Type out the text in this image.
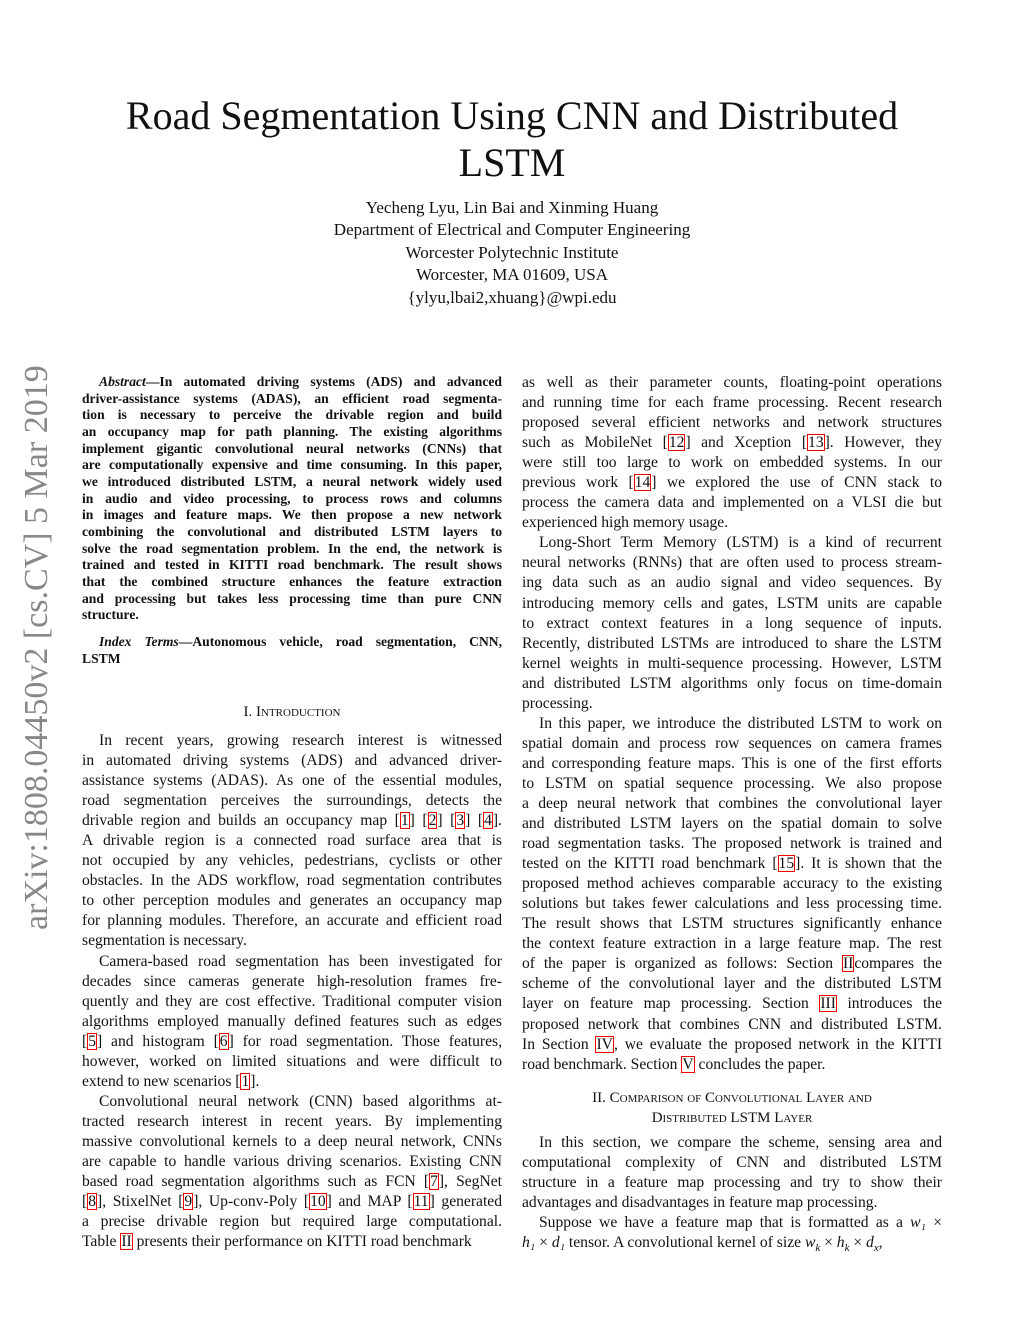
Road Segmentation Using CNN and Distributed
LSTM
Yecheng Lyu, Lin Bai and Xinming Huang
Department of Electrical and Computer Engineering
Worcester Polytechnic Institute
Worcester, MA 01609, USA
{ylyu,lbai2,xhuang}@wpi.edu
arXiv:1808.04450v2 [cs.CV] 5 Mar 2019	Abstract—In automated driving systems (ADS) and advanced
driver-assistance systems (ADAS), an efficient road segmenta-
tion is necessary to perceive the drivable region and build
an occupancy map for path planning. The existing algorithms
implement gigantic convolutional neural networks (CNNs) that
are computationally expensive and time consuming. In this paper,
we introduced distributed LSTM, a neural network widely used
in audio and video processing, to process rows and columns
in images and feature maps. We then propose a new network
combining the convolutional and distributed LSTM layers to
solve the road segmentation problem. In the end, the network is
trained and tested in KITTI road benchmark. The result shows
that the combined structure enhances the feature extraction
and processing but takes less processing time than pure CNN
structure.
Index Terms—Autonomous vehicle, road segmentation, CNN,
LSTM
I. Introduction
In recent years, growing research interest is witnessed
in automated driving systems (ADS) and advanced driver-
assistance systems (ADAS). As one of the essential modules,
road segmentation perceives the surroundings, detects the
drivable region and builds an occupancy map [1] [2] [3] [4].
A drivable region is a connected road surface area that is
not occupied by any vehicles, pedestrians, cyclists or other
obstacles. In the ADS workflow, road segmentation contributes
to other perception modules and generates an occupancy map
for planning modules. Therefore, an accurate and efficient road
segmentation is necessary.
Camera-based road segmentation has been investigated for
decades since cameras generate high-resolution frames fre-
quently and they are cost effective. Traditional computer vision
algorithms employed manually defined features such as edges
[5] and histogram [6] for road segmentation. Those features,
however, worked on limited situations and were difficult to
extend to new scenarios [1].
Convolutional neural network (CNN) based algorithms at-
tracted research interest in recent years. By implementing
massive convolutional kernels to a deep neural network, CNNs
are capable to handle various driving scenarios. Existing CNN
based road segmentation algorithms such as FCN [7], SegNet
[8], StixelNet [9], Up-conv-Poly [10] and MAP [11] generated
a precise drivable region but required large computational.
Table II presents their performance on KITTI road benchmark
as well as their parameter counts, floating-point operations
and running time for each frame processing. Recent research
proposed several efficient networks and network structures
such as MobileNet [12] and Xception [13]. However, they
were still too large to work on embedded systems. In our
previous work [14] we explored the use of CNN stack to
process the camera data and implemented on a VLSI die but
experienced high memory usage.
Long-Short Term Memory (LSTM) is a kind of recurrent
neural networks (RNNs) that are often used to process stream-
ing data such as an audio signal and video sequences. By
introducing memory cells and gates, LSTM units are capable
to extract context features in a long sequence of inputs.
Recently, distributed LSTMs are introduced to share the LSTM
kernel weights in multi-sequence processing. However, LSTM
and distributed LSTM algorithms only focus on time-domain
processing.
In this paper, we introduce the distributed LSTM to work on
spatial domain and process row sequences on camera frames
and corresponding feature maps. This is one of the first efforts
to LSTM on spatial sequence processing. We also propose
a deep neural network that combines the convolutional layer
and distributed LSTM layers on the spatial domain to solve
road segmentation tasks. The proposed network is trained and
tested on the KITTI road benchmark [15]. It is shown that the
proposed method achieves comparable accuracy to the existing
solutions but takes fewer calculations and less processing time.
The result shows that LSTM structures significantly enhance
the context feature extraction in a large feature map. The rest
of the paper is organized as follows: Section IIcompares the
scheme of the convolutional layer and the distributed LSTM
layer on feature map processing. Section III introduces the
proposed network that combines CNN and distributed LSTM.
In Section IV, we evaluate the proposed network in the KITTI
road benchmark. Section V concludes the paper.
II. Comparison of Convolutional Layer and
Distributed LSTM Layer
In this section, we compare the scheme, sensing area and
computational complexity of CNN and distributed LSTM
structure in a feature map processing and try to show their
advantages and disadvantages in feature map processing.
Suppose we have a feature map that is formatted as a w₁ ×
h₁ × d₁ tensor. A convolutional kernel of size $w_k \times h_k \times d_x$,
